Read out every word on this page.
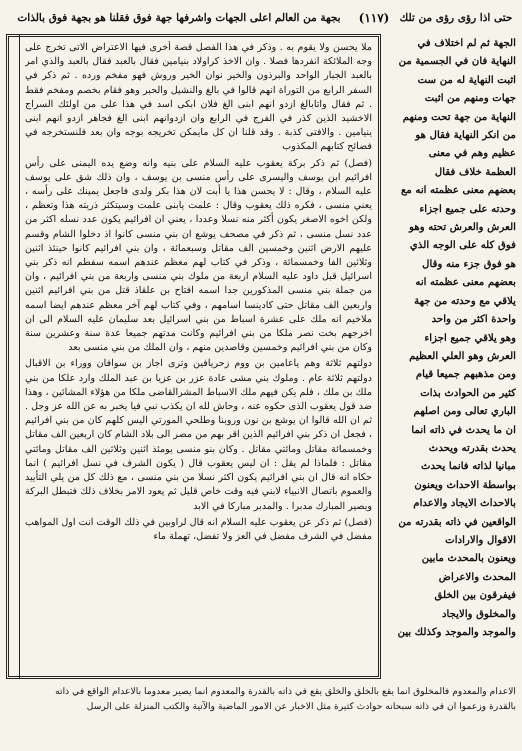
بجهة من العالم اعلى الجهات واشرفها جهة فوق فقلنا هو بجهة فوق بالذات	(١١٧) حتى اذا رؤى رؤى من تلك

ملا يحسن ولا يقوم به . وذكر في هذا الفصل قصة أخرى فيها الاعتراض الاتى تخرج على وجه الملائكة انفردها فصلا . وان الاخذ كراولاد بنيامين فقال بالعبد فقال بالعبد والذي امر بالعبد الجبار الواحد والبرذون والخير نوان الخير وروش فهو مفخم ورده . ثم ذكر في السفر الرابع من التوراة انهم قالوا في بالغ والنشيل والحبر وهو فقام بخصم ومفخم فقط . ثم فقال واتابالغ ازدو انهم ابنى الغ فلان ابكى اسد في هذا على من اولئك السراج الاخشيد الذين كذر في الفرج في الرابع وان ازدوانهم ابنى الغ فجاهر ازدو انهم ابنى ينيامين . والافتى كذبة . وقد قلنا ان كل مايمكن تخريجه بوجه وان بعد فلنستخرجه في فضائح كتابهم المكذوب

(فصل) ثم ذكر بركة يعقوب عليه السلام على بنيه وانه وضع يده اليمنى على رأس افرائيم ابن يوسف واليسرى على رأس منسى بن يوسف ، وان ذلك شق على يوسف عليه السلام ، وقال : لا يحسن هذا يا أبت لان هذا بكر ولدى فاجعل يمينك على رأسه ، يعني منسى ، فكره ذلك يعقوب وقال : علمت يابنى علمت وسيتكثر ذريته هذا وتعظم ، ولكن اخوه الاصغر يكون أكثر منه نسلا وعددا ، يعني ان افرائيم يكون عدد نسله اكثر من عدد نسل منسى ، ثم ذكر في مصحف يوشع ان بني منسى كانوا اذ دخلوا الشام وقسم عليهم الارض اثنين وخمسين الف مقاتل وسبعمائة ، وان بني افرائيم كانوا حينئذ اثنين وثلاثين الفا وخمسمائة ، وذكر في كتاب لهم معظم عندهم اسمه سفطم انه ذكر بني اسرائيل قبل داود عليه السلام اربعة من ملوك بني منسى واربعة من بني افرائيم ، وان من جملة بني منسى المذكورين جدا اسمه افتاح بن علقاذ قتل من بني افرائيم اثنين واربعين الف مقاتل حتى كادينسا اسامهم ، وفي كتاب لهم آخر معظم عندهم ايضا اسمه ملاخيم انه ملك على عشرة اسباط من بني اسرائيل بعد سليمان عليه السلام الى ان اخرجهم بخت نصر ملكا من بني افرائيم وكانت مدتهم جميعا عدة سنة وعشرين سنة وكان من بني افرائيم وخمسين وقاصدين منهم ، وان الملك من بني منسى بعد

دولتهم ثلاثة وهم ياعامين بن ووم زحريافين وترى اجاز بن سوافان ووراء بن الاقبال دولتهم ثلاثة عام . وملوك بني مشى عادة عزر بن عزيا بن عبد الملك وارد علكا من بني ملك بن ملك ، فلم يكن فيهم ملك الاسباط المشرالقاضى ملكا من هؤلاء المشائين ، وهذا ضد قول يعقوب الذى حكوه عنه ، وحاش لله ان يكذب نبي فيا يخبر به عن الله عز وجل . ثم ان الله قالوا ان يوشع بن نون وروبنا وطلحي المورتي اليس كلهم كان من بني افرائيم ، فجعل ان ذكر بني افرائيم الذين اقر بهم من مصر الى بلاد الشام كان اربعين الف مقاتل وخمسمائة مقاتل ومائتي مقاتل . وكان بنو منسى يومئذ اثنين وثلاثين الف مقاتل ومائتي مقاتل : فلماذا لم يقل : ان ليس يعقوب قال ( يكون الشرف في نسل افرائيم ) انما حكاه انه قال ان بني افرائيم يكون اكثر نسلا من بني منسى ، مع ذلك كل من يلي التأييد والعموم باتصال الانبياء لابني فيه وقت خاص قليل ثم يعود الامر بخلاف ذلك فتبطل البركة ويصير المبارك مدبرا . والمدبر مباركا في الابد

(فصل) ثم ذكر عن يعقوب عليه السلام انه قال لراوبين في ذلك الوقت انت اول المواهب مفضل في الشرف مفضل في العز ولا تفضل، تهملة ماء

الجهة ثم لم اختلاف في

النهاية فان في الجسمية من

اثبت النهاية له من ست

جهات ومنهم من اثبت

النهاية من جهة تحت ومنهم

من انكر النهاية فقال هو

عظيم وهم في معنى

العظمة خلاف فقال

بعضهم معنى عظمته انه مع

وحدته على جميع اجزاء

العرش والعرش تحته وهو

فوق كله على الوجه الذي

هو فوق جزء منه وقال

بعضهم معنى عظمته انه

يلاقي مع وحدته من جهة

واحدة اكثر من واحد

وهو يلاقي جميع اجزاء

العرش وهو العلي العظيم

ومن مذهبهم جميعا قيام

كثير من الحوادث بذات

الباري تعالى ومن اصلهم

ان ما يحدث في ذاته انما

يحدث بقدرته ويحدث

مبانيا لذاته فانما يحدث

بواسطة الاحداث ويعنون

بالاحداث الايجاد والاعدام

الواقعين في ذاته بقدرته من

الاقوال والارادات

ويعنون بالمحدث مابين

المحدث والاعراض

فيفرقون بين الخلق

والمخلوق والايجاد

والموجد والموجد وكذلك بين

الاعدام والمعدوم فالمخلوق انما يقع بالخلق والخلق يقع في ذاته بالقدرة والمعدوم انما يصير معدوما بالاعدام الواقع في ذاته

بالقدرة وزعموا ان في ذاته سبحانه حوادث كثيرة مثل الاخبار عن الامور الماضية والآتية والكتب المنزلة على الرسل
